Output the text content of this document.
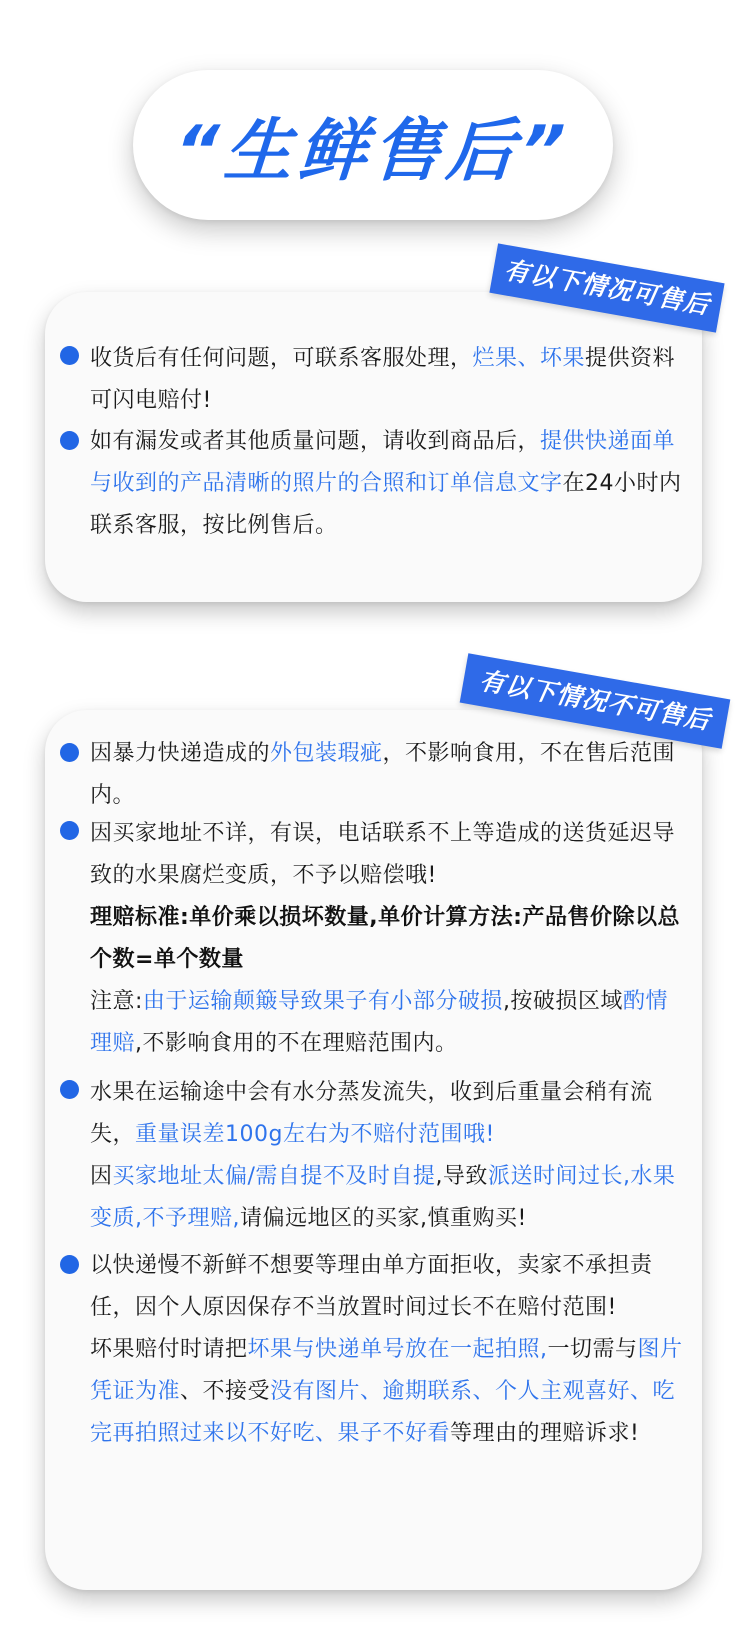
“生鲜售后”
有以下情况可售后
收货后有任何问题，可联系客服处理，烂果、坏果提供资料可闪电赔付!
如有漏发或者其他质量问题，请收到商品后，提供快递面单与收到的产品清晰的照片的合照和订单信息文字在24小时内联系客服，按比例售后。
有以下情况不可售后
因暴力快递造成的外包装瑕疵，不影响食用，不在售后范围内。
因买家地址不详，有误，电话联系不上等造成的送货延迟导致的水果腐烂变质，不予以赔偿哦!
理赔标准:单价乘以损坏数量,单价计算方法:产品售价除以总个数=单个数量
注意:由于运输颠簸导致果子有小部分破损,按破损区域酌情理赔,不影响食用的不在理赔范围内。
水果在运输途中会有水分蒸发流失，收到后重量会稍有流失，重量误差100g左右为不赔付范围哦!
因买家地址太偏/需自提不及时自提,导致派送时间过长,水果变质,不予理赔,请偏远地区的买家,慎重购买!
以快递慢不新鲜不想要等理由单方面拒收，卖家不承担责任，因个人原因保存不当放置时间过长不在赔付范围!
坏果赔付时请把坏果与快递单号放在一起拍照,一切需与图片凭证为准、不接受没有图片、逾期联系、个人主观喜好、吃完再拍照过来以不好吃、果子不好看等理由的理赔诉求!
